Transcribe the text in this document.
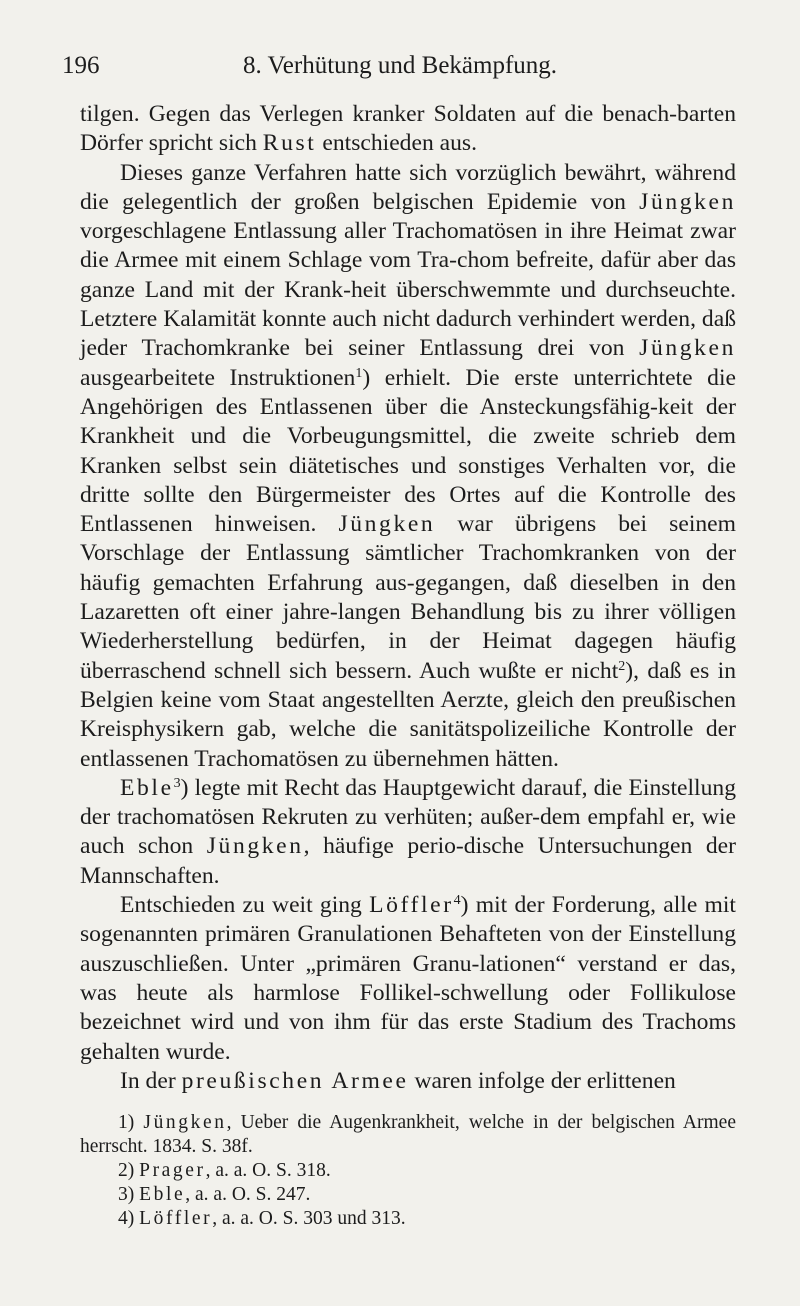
196	8. Verhütung und Bekämpfung.

tilgen. Gegen das Verlegen kranker Soldaten auf die benach-barten Dörfer spricht sich Rust entschieden aus.

Dieses ganze Verfahren hatte sich vorzüglich bewährt, während die gelegentlich der großen belgischen Epidemie von Jüngken vorgeschlagene Entlassung aller Trachomatösen in ihre Heimat zwar die Armee mit einem Schlage vom Tra-chom befreite, dafür aber das ganze Land mit der Krank-heit überschwemmte und durchseuchte. Letztere Kalamität konnte auch nicht dadurch verhindert werden, daß jeder Trachomkranke bei seiner Entlassung drei von Jüngken ausgearbeitete Instruktionen$^1$) erhielt. Die erste unterrichtete die Angehörigen des Entlassenen über die Ansteckungsfähig-keit der Krankheit und die Vorbeugungsmittel, die zweite schrieb dem Kranken selbst sein diätetisches und sonstiges Verhalten vor, die dritte sollte den Bürgermeister des Ortes auf die Kontrolle des Entlassenen hinweisen. Jüngken war übrigens bei seinem Vorschlage der Entlassung sämtlicher Trachomkranken von der häufig gemachten Erfahrung aus-gegangen, daß dieselben in den Lazaretten oft einer jahre-langen Behandlung bis zu ihrer völligen Wiederherstellung bedürfen, in der Heimat dagegen häufig überraschend schnell sich bessern. Auch wußte er nicht$^2$), daß es in Belgien keine vom Staat angestellten Aerzte, gleich den preußischen Kreisphysikern gab, welche die sanitätspolizeiliche Kontrolle der entlassenen Trachomatösen zu übernehmen hätten.

Eble$^3$) legte mit Recht das Hauptgewicht darauf, die Einstellung der trachomatösen Rekruten zu verhüten; außer-dem empfahl er, wie auch schon Jüngken, häufige perio-dische Untersuchungen der Mannschaften.

Entschieden zu weit ging Löffler$^4$) mit der Forderung, alle mit sogenannten primären Granulationen Behafteten von der Einstellung auszuschließen. Unter „primären Granu-lationen“ verstand er das, was heute als harmlose Follikel-schwellung oder Follikulose bezeichnet wird und von ihm für das erste Stadium des Trachoms gehalten wurde.

In der preußischen Armee waren infolge der erlittenen

1) Jüngken, Ueber die Augenkrankheit, welche in der belgischen Armee herrscht. 1834. S. 38f.

2) Prager, a. a. O. S. 318.

3) Eble, a. a. O. S. 247.

4) Löffler, a. a. O. S. 303 und 313.
